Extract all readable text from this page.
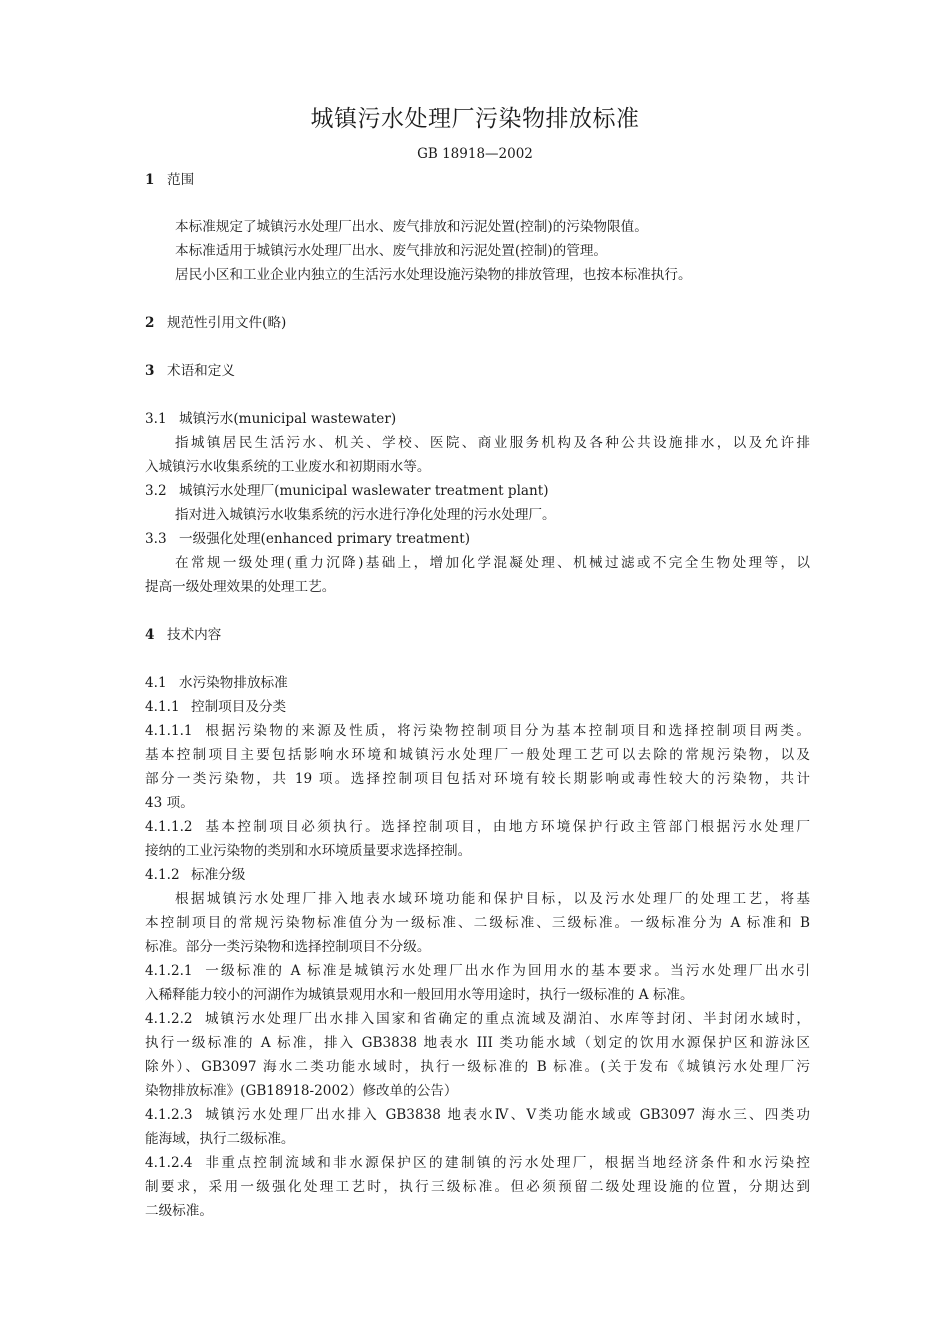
城镇污水处理厂污染物排放标准
GB 18918—2002
1 范围
本标准规定了城镇污水处理厂出水、废气排放和污泥处置(控制)的污染物限值。
本标准适用于城镇污水处理厂出水、废气排放和污泥处置(控制)的管理。
居民小区和工业企业内独立的生活污水处理设施污染物的排放管理，也按本标准执行。
2 规范性引用文件(略)
3 术语和定义
3.1 城镇污水(municipal wastewater)
指城镇居民生活污水、机关、学校、医院、商业服务机构及各种公共设施排水，以及允许排
入城镇污水收集系统的工业废水和初期雨水等。
3.2 城镇污水处理厂(municipal waslewater treatment plant)
指对进入城镇污水收集系统的污水进行净化处理的污水处理厂。
3.3 一级强化处理(enhanced primary treatment)
在常规一级处理(重力沉降)基础上，增加化学混凝处理、机械过滤或不完全生物处理等，以
提高一级处理效果的处理工艺。
4 技术内容
4.1 水污染物排放标准
4.1.1 控制项目及分类
4.1.1.1 根据污染物的来源及性质，将污染物控制项目分为基本控制项目和选择控制项目两类。
基本控制项目主要包括影响水环境和城镇污水处理厂一般处理工艺可以去除的常规污染物，以及
部分一类污染物，共 19 项。选择控制项目包括对环境有较长期影响或毒性较大的污染物，共计
43 项。
4.1.1.2 基本控制项目必须执行。选择控制项目，由地方环境保护行政主管部门根据污水处理厂
接纳的工业污染物的类别和水环境质量要求选择控制。
4.1.2 标准分级
根据城镇污水处理厂排入地表水域环境功能和保护目标，以及污水处理厂的处理工艺，将基
本控制项目的常规污染物标准值分为一级标准、二级标准、三级标准。一级标准分为 A 标准和 B
标准。部分一类污染物和选择控制项目不分级。
4.1.2.1 一级标准的 A 标准是城镇污水处理厂出水作为回用水的基本要求。当污水处理厂出水引
入稀释能力较小的河湖作为城镇景观用水和一般回用水等用途时，执行一级标准的 A 标准。
4.1.2.2 城镇污水处理厂出水排入国家和省确定的重点流域及湖泊、水库等封闭、半封闭水域时，
执行一级标准的 A 标准，排入 GB3838 地表水 III 类功能水域（划定的饮用水源保护区和游泳区
除外）、GB3097 海水二类功能水域时，执行一级标准的 B 标准。(关于发布《城镇污水处理厂污
染物排放标准》(GB18918-2002）修改单的公告）
4.1.2.3 城镇污水处理厂出水排入 GB3838 地表水Ⅳ、Ⅴ类功能水域或 GB3097 海水三、四类功
能海域，执行二级标准。
4.1.2.4 非重点控制流域和非水源保护区的建制镇的污水处理厂，根据当地经济条件和水污染控
制要求，采用一级强化处理工艺时，执行三级标准。但必须预留二级处理设施的位置，分期达到
二级标准。
